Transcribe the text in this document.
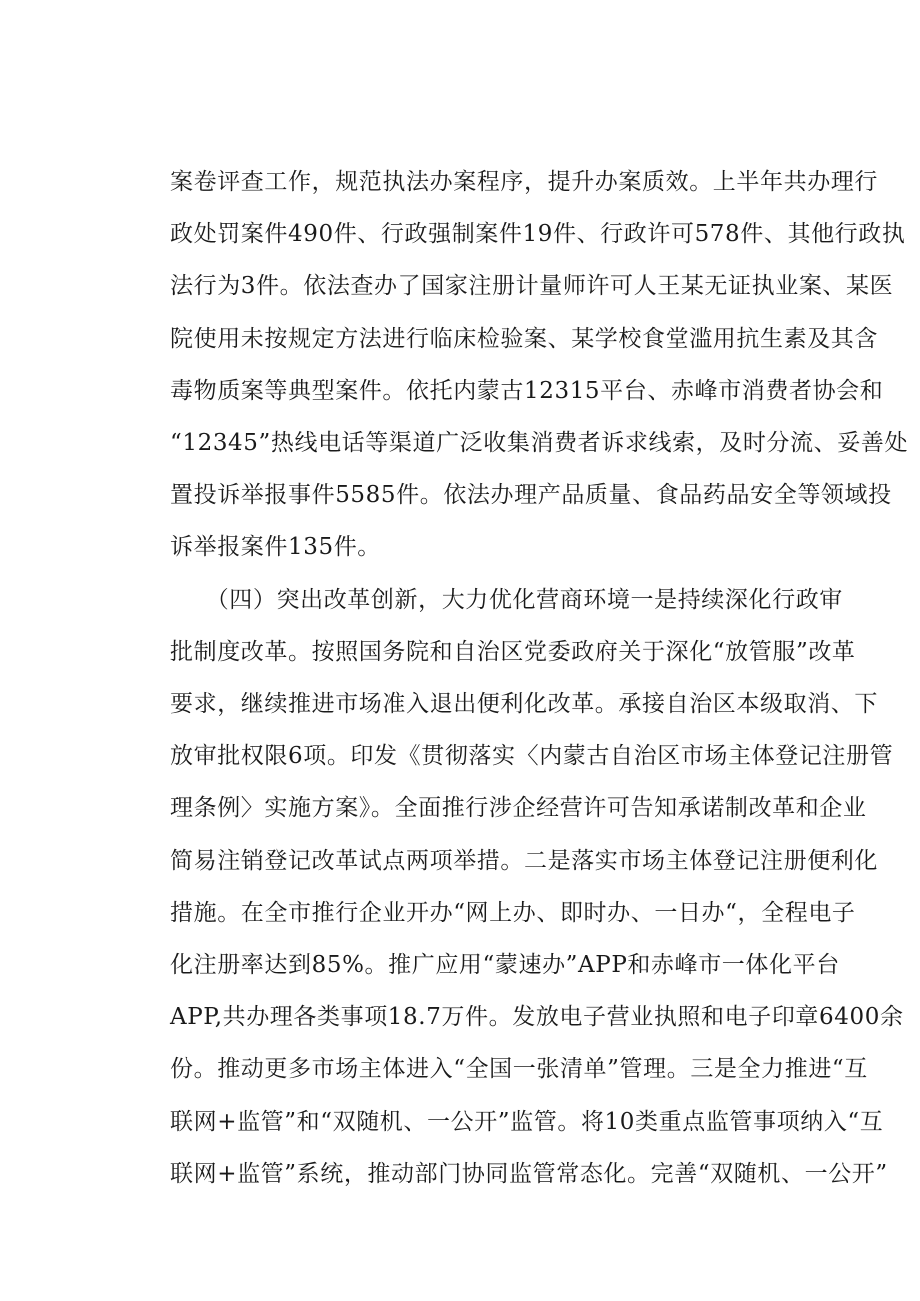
案卷评查工作，规范执法办案程序，提升办案质效。上半年共办理行
政处罚案件490件、行政强制案件19件、行政许可578件、其他行政执
法行为3件。依法查办了国家注册计量师许可人王某无证执业案、某医
院使用未按规定方法进行临床检验案、某学校食堂滥用抗生素及其含
毒物质案等典型案件。依托内蒙古12315平台、赤峰市消费者协会和
“12345”热线电话等渠道广泛收集消费者诉求线索，及时分流、妥善处
置投诉举报事件5585件。依法办理产品质量、食品药品安全等领域投
诉举报案件135件。

　　（四）突出改革创新，大力优化营商环境一是持续深化行政审
批制度改革。按照国务院和自治区党委政府关于深化“放管服”改革
要求，继续推进市场准入退出便利化改革。承接自治区本级取消、下
放审批权限6项。印发《贯彻落实〈内蒙古自治区市场主体登记注册管
理条例〉实施方案》。全面推行涉企经营许可告知承诺制改革和企业
简易注销登记改革试点两项举措。二是落实市场主体登记注册便利化
措施。在全市推行企业开办“网上办、即时办、一日办“，全程电子
化注册率达到85%。推广应用“蒙速办”APP和赤峰市一体化平台
APP,共办理各类事项18.7万件。发放电子营业执照和电子印章6400余
份。推动更多市场主体进入“全国一张清单”管理。三是全力推进“互
联网+监管”和“双随机、一公开”监管。将10类重点监管事项纳入“互
联网+监管”系统，推动部门协同监管常态化。完善“双随机、一公开”
